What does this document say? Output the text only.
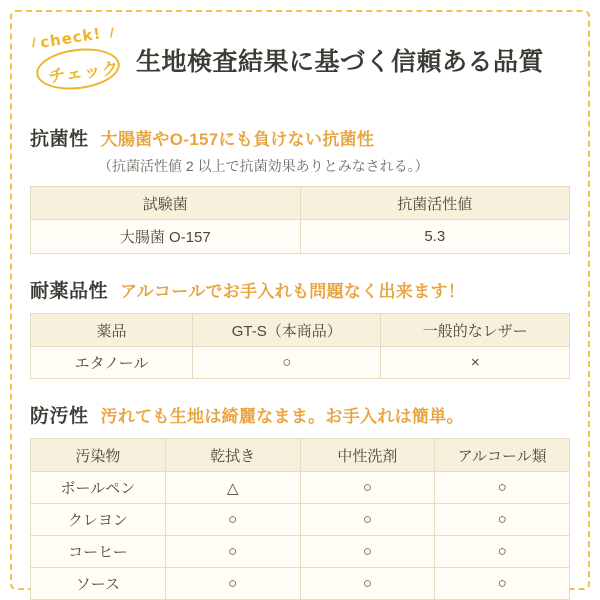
/
/
check!
チェック 生地検査結果に基づく信頼ある品質
抗菌性 大腸菌やO-157にも負けない抗菌性
（抗菌活性値 2 以上で抗菌効果ありとみなされる。）
試験菌	抗菌活性値
大腸菌 O-157	5.3
耐薬品性 アルコールでお手入れも問題なく出来ます！
薬品	GT-S（本商品）	一般的なレザー
エタノール	○	×
防汚性 汚れても生地は綺麗なまま。お手入れは簡単。
汚染物	乾拭き	中性洗剤	アルコール類
ボールペン	△	○	○
クレヨン	○	○	○
コーヒー	○	○	○
ソース	○	○	○
